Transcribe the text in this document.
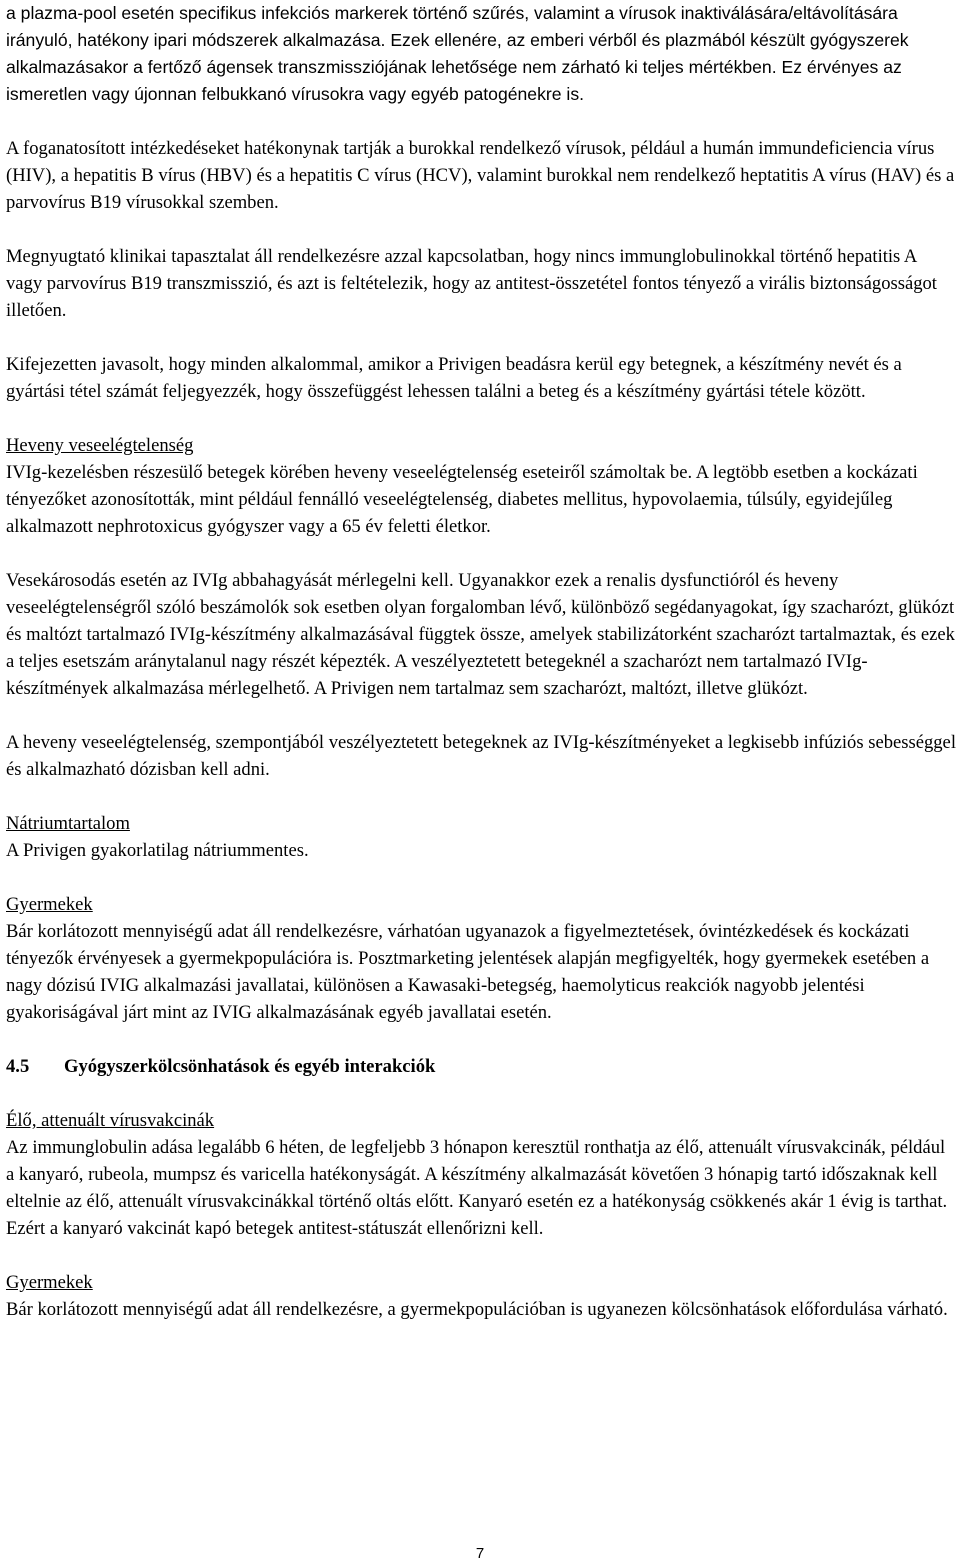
a plazma-pool esetén specifikus infekciós markerek történő szűrés, valamint a vírusok inaktiválására/eltávolítására irányuló, hatékony ipari módszerek alkalmazása. Ezek ellenére, az emberi vérből és plazmából készült gyógyszerek alkalmazásakor a fertőző ágensek transzmissziójának lehetősége nem zárható ki teljes mértékben. Ez érvényes az ismeretlen vagy újonnan felbukkanó vírusokra vagy egyéb patogénekre is.

A foganatosított intézkedéseket hatékonynak tartják a burokkal rendelkező vírusok, például a humán immundeficiencia vírus (HIV), a hepatitis B vírus (HBV) és a hepatitis C vírus (HCV), valamint burokkal nem rendelkező heptatitis A vírus (HAV) és a parvovírus B19 vírusokkal szemben.

Megnyugtató klinikai tapasztalat áll rendelkezésre azzal kapcsolatban, hogy nincs immunglobulinokkal történő hepatitis A vagy parvovírus B19 transzmisszió, és azt is feltételezik, hogy az antitest-összetétel fontos tényező a virális biztonságosságot illetően.

Kifejezetten javasolt, hogy minden alkalommal, amikor a Privigen beadásra kerül egy betegnek, a készítmény nevét és a gyártási tétel számát feljegyezzék, hogy összefüggést lehessen találni a beteg és a készítmény gyártási tétele között.

Heveny veseelégtelenség
IVIg-kezelésben részesülő betegek körében heveny veseelégtelenség eseteiről számoltak be. A legtöbb esetben a kockázati tényezőket azonosították, mint például fennálló veseelégtelenség, diabetes mellitus, hypovolaemia, túlsúly, egyidejűleg alkalmazott nephrotoxicus gyógyszer vagy a 65 év feletti életkor.

Vesekárosodás esetén az IVIg abbahagyását mérlegelni kell. Ugyanakkor ezek a renalis dysfunctióról és heveny veseelégtelenségről szóló beszámolók sok esetben olyan forgalomban lévő, különböző segédanyagokat, így szacharózt, glükózt és maltózt tartalmazó IVIg-készítmény alkalmazásával függtek össze, amelyek stabilizátorként szacharózt tartalmaztak, és ezek a teljes esetszám aránytalanul nagy részét képezték. A veszélyeztetett betegeknél a szacharózt nem tartalmazó IVIg-készítmények alkalmazása mérlegelhető. A Privigen nem tartalmaz sem szacharózt, maltózt, illetve glükózt.

A heveny veseelégtelenség, szempontjából veszélyeztetett betegeknek az IVIg-készítményeket a legkisebb infúziós sebességgel és alkalmazható dózisban kell adni.

Nátriumtartalom
A Privigen gyakorlatilag nátriummentes.
Gyermekek
Bár korlátozott mennyiségű adat áll rendelkezésre, várhatóan ugyanazok a figyelmeztetések, óvintézkedések és kockázati tényezők érvényesek a gyermekpopulációra is. Posztmarketing jelentések alapján megfigyelték, hogy gyermekek esetében a nagy dózisú IVIG alkalmazási javallatai, különösen a Kawasaki-betegség, haemolyticus reakciók nagyobb jelentési gyakoriságával járt mint az IVIG alkalmazásának egyéb javallatai esetén.
4.5	Gyógyszerkölcsönhatások és egyéb interakciók
Élő, attenuált vírusvakcinák
Az immunglobulin adása legalább 6 héten, de legfeljebb 3 hónapon keresztül ronthatja az élő, attenuált vírusvakcinák, például a kanyaró, rubeola, mumpsz és varicella hatékonyságát. A készítmény alkalmazását követően 3 hónapig tartó időszaknak kell eltelnie az élő, attenuált vírusvakcinákkal történő oltás előtt. Kanyaró esetén ez a hatékonyság csökkenés akár 1 évig is tarthat. Ezért a kanyaró vakcinát kapó betegek antitest-státuszát ellenőrizni kell.
Gyermekek
Bár korlátozott mennyiségű adat áll rendelkezésre, a gyermekpopulációban is ugyanezen kölcsönhatások előfordulása várható.
7
